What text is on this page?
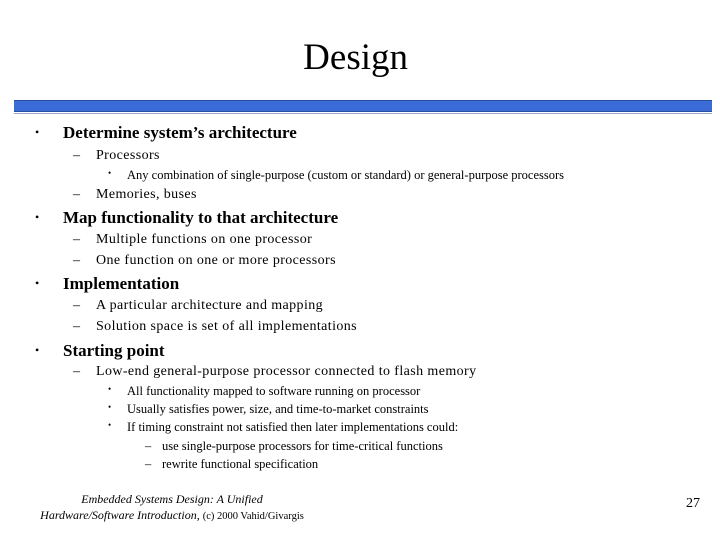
Design
• Determine system’s architecture
– Processors
• Any combination of single-purpose (custom or standard) or general-purpose processors
– Memories, buses
• Map functionality to that architecture
– Multiple functions on one processor
– One function on one or more processors
• Implementation
– A particular architecture and mapping
– Solution space is set of all implementations
• Starting point
– Low-end general-purpose processor connected to flash memory
• All functionality mapped to software running on processor
• Usually satisfies power, size, and time-to-market constraints
• If timing constraint not satisfied then later implementations could:
– use single-purpose processors for time-critical functions
– rewrite functional specification
Embedded Systems Design: A Unified
Hardware/Software Introduction, (c) 2000 Vahid/Givargis
27
